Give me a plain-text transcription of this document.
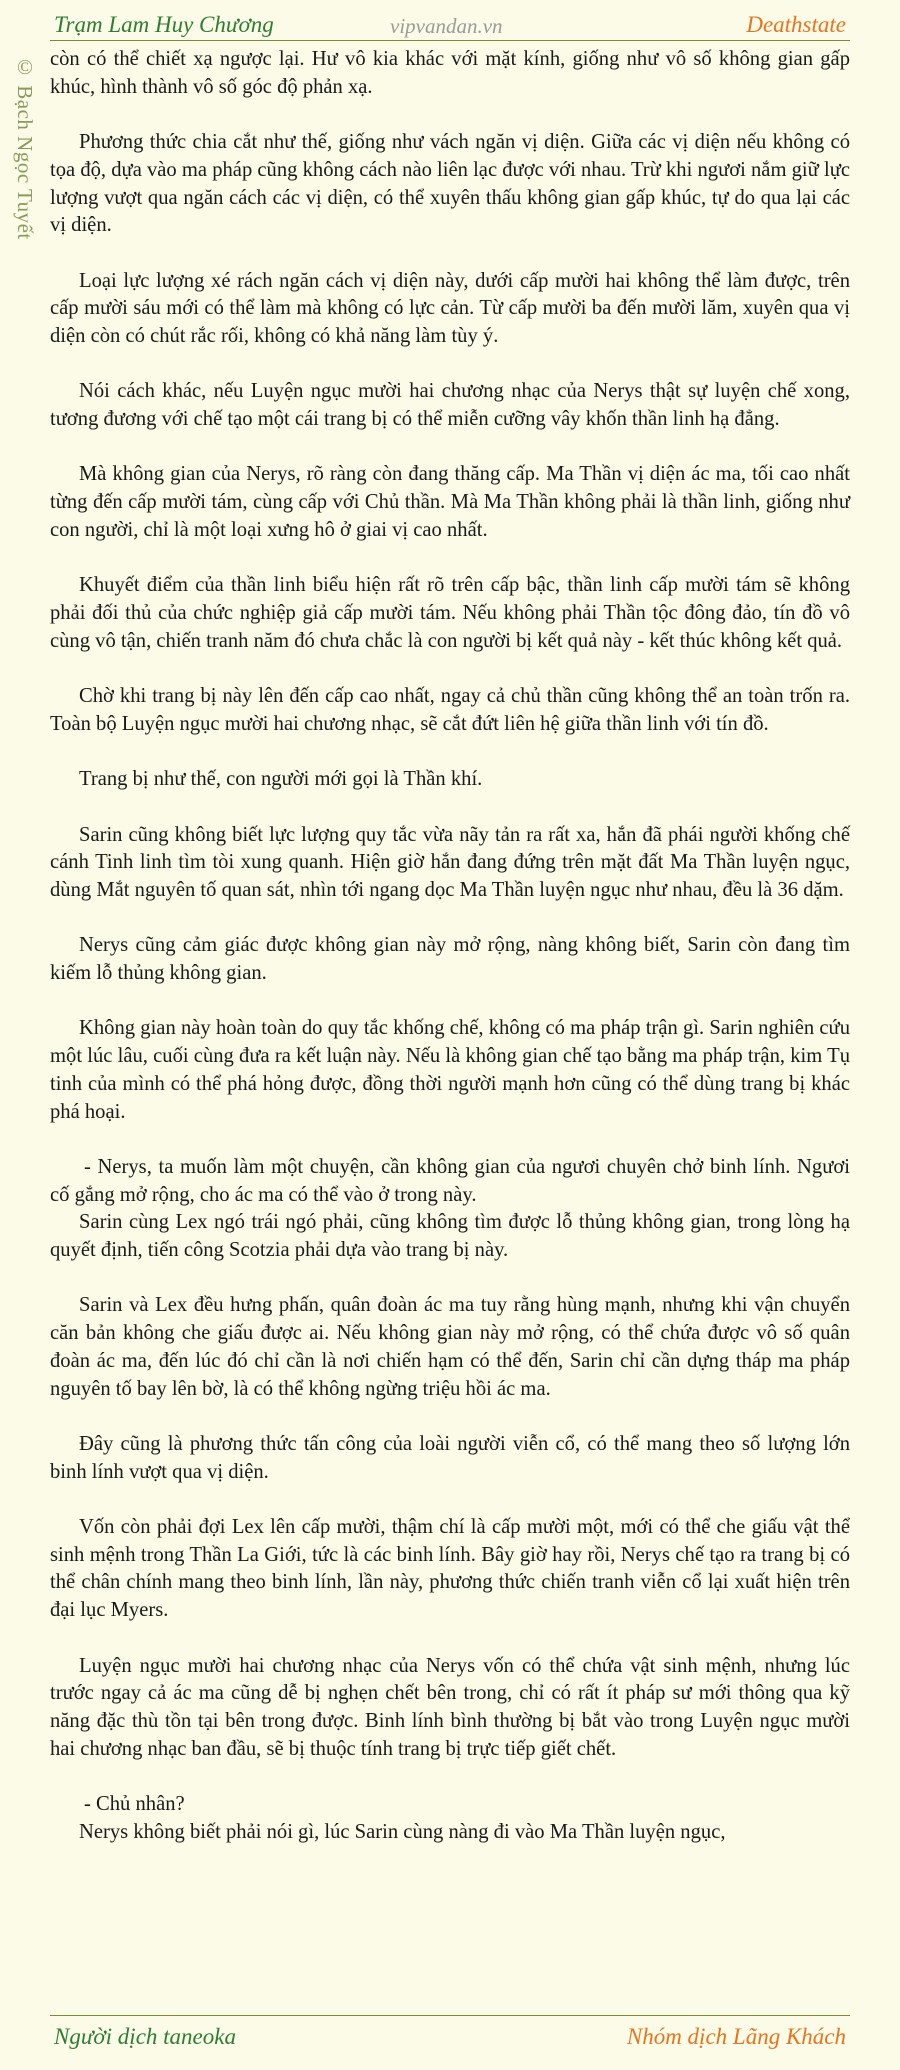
Trạm Lam Huy Chương	vipvandan.vn	Deathstate
© Bạch Ngọc Tuyết còn có thể chiết xạ ngược lại. Hư vô kia khác với mặt kính, giống như vô số không gian gấp khúc, hình thành vô số góc độ phản xạ.

Phương thức chia cắt như thế, giống như vách ngăn vị diện. Giữa các vị diện nếu không có tọa độ, dựa vào ma pháp cũng không cách nào liên lạc được với nhau. Trừ khi ngươi nắm giữ lực lượng vượt qua ngăn cách các vị diện, có thể xuyên thấu không gian gấp khúc, tự do qua lại các vị diện.

Loại lực lượng xé rách ngăn cách vị diện này, dưới cấp mười hai không thể làm được, trên cấp mười sáu mới có thể làm mà không có lực cản. Từ cấp mười ba đến mười lăm, xuyên qua vị diện còn có chút rắc rối, không có khả năng làm tùy ý.

Nói cách khác, nếu Luyện ngục mười hai chương nhạc của Nerys thật sự luyện chế xong, tương đương với chế tạo một cái trang bị có thể miễn cưỡng vây khốn thần linh hạ đẳng.

Mà không gian của Nerys, rõ ràng còn đang thăng cấp. Ma Thần vị diện ác ma, tối cao nhất từng đến cấp mười tám, cùng cấp với Chủ thần. Mà Ma Thần không phải là thần linh, giống như con người, chỉ là một loại xưng hô ở giai vị cao nhất.

Khuyết điểm của thần linh biểu hiện rất rõ trên cấp bậc, thần linh cấp mười tám sẽ không phải đối thủ của chức nghiệp giả cấp mười tám. Nếu không phải Thần tộc đông đảo, tín đồ vô cùng vô tận, chiến tranh năm đó chưa chắc là con người bị kết quả này - kết thúc không kết quả.

Chờ khi trang bị này lên đến cấp cao nhất, ngay cả chủ thần cũng không thể an toàn trốn ra. Toàn bộ Luyện ngục mười hai chương nhạc, sẽ cắt đứt liên hệ giữa thần linh với tín đồ.

Trang bị như thế, con người mới gọi là Thần khí.

Sarin cũng không biết lực lượng quy tắc vừa nãy tản ra rất xa, hắn đã phái người khống chế cánh Tinh linh tìm tòi xung quanh. Hiện giờ hắn đang đứng trên mặt đất Ma Thần luyện ngục, dùng Mắt nguyên tố quan sát, nhìn tới ngang dọc Ma Thần luyện ngục như nhau, đều là 36 dặm.

Nerys cũng cảm giác được không gian này mở rộng, nàng không biết, Sarin còn đang tìm kiếm lỗ thủng không gian.

Không gian này hoàn toàn do quy tắc khống chế, không có ma pháp trận gì. Sarin nghiên cứu một lúc lâu, cuối cùng đưa ra kết luận này. Nếu là không gian chế tạo bằng ma pháp trận, kim Tụ tinh của mình có thể phá hỏng được, đồng thời người mạnh hơn cũng có thể dùng trang bị khác phá hoại.

- Nerys, ta muốn làm một chuyện, cần không gian của ngươi chuyên chở binh lính. Ngươi cố gắng mở rộng, cho ác ma có thể vào ở trong này.

Sarin cùng Lex ngó trái ngó phải, cũng không tìm được lỗ thủng không gian, trong lòng hạ quyết định, tiến công Scotzia phải dựa vào trang bị này.

Sarin và Lex đều hưng phấn, quân đoàn ác ma tuy rằng hùng mạnh, nhưng khi vận chuyển căn bản không che giấu được ai. Nếu không gian này mở rộng, có thể chứa được vô số quân đoàn ác ma, đến lúc đó chỉ cần là nơi chiến hạm có thể đến, Sarin chỉ cần dựng tháp ma pháp nguyên tố bay lên bờ, là có thể không ngừng triệu hồi ác ma.

Đây cũng là phương thức tấn công của loài người viễn cổ, có thể mang theo số lượng lớn binh lính vượt qua vị diện.

Vốn còn phải đợi Lex lên cấp mười, thậm chí là cấp mười một, mới có thể che giấu vật thể sinh mệnh trong Thần La Giới, tức là các binh lính. Bây giờ hay rồi, Nerys chế tạo ra trang bị có thể chân chính mang theo binh lính, lần này, phương thức chiến tranh viễn cổ lại xuất hiện trên đại lục Myers.

Luyện ngục mười hai chương nhạc của Nerys vốn có thể chứa vật sinh mệnh, nhưng lúc trước ngay cả ác ma cũng dễ bị nghẹn chết bên trong, chỉ có rất ít pháp sư mới thông qua kỹ năng đặc thù tồn tại bên trong được. Binh lính bình thường bị bắt vào trong Luyện ngục mười hai chương nhạc ban đầu, sẽ bị thuộc tính trang bị trực tiếp giết chết.

- Chủ nhân?

Nerys không biết phải nói gì, lúc Sarin cùng nàng đi vào Ma Thần luyện ngục,

Người dịch taneoka	Nhóm dịch Lãng Khách
